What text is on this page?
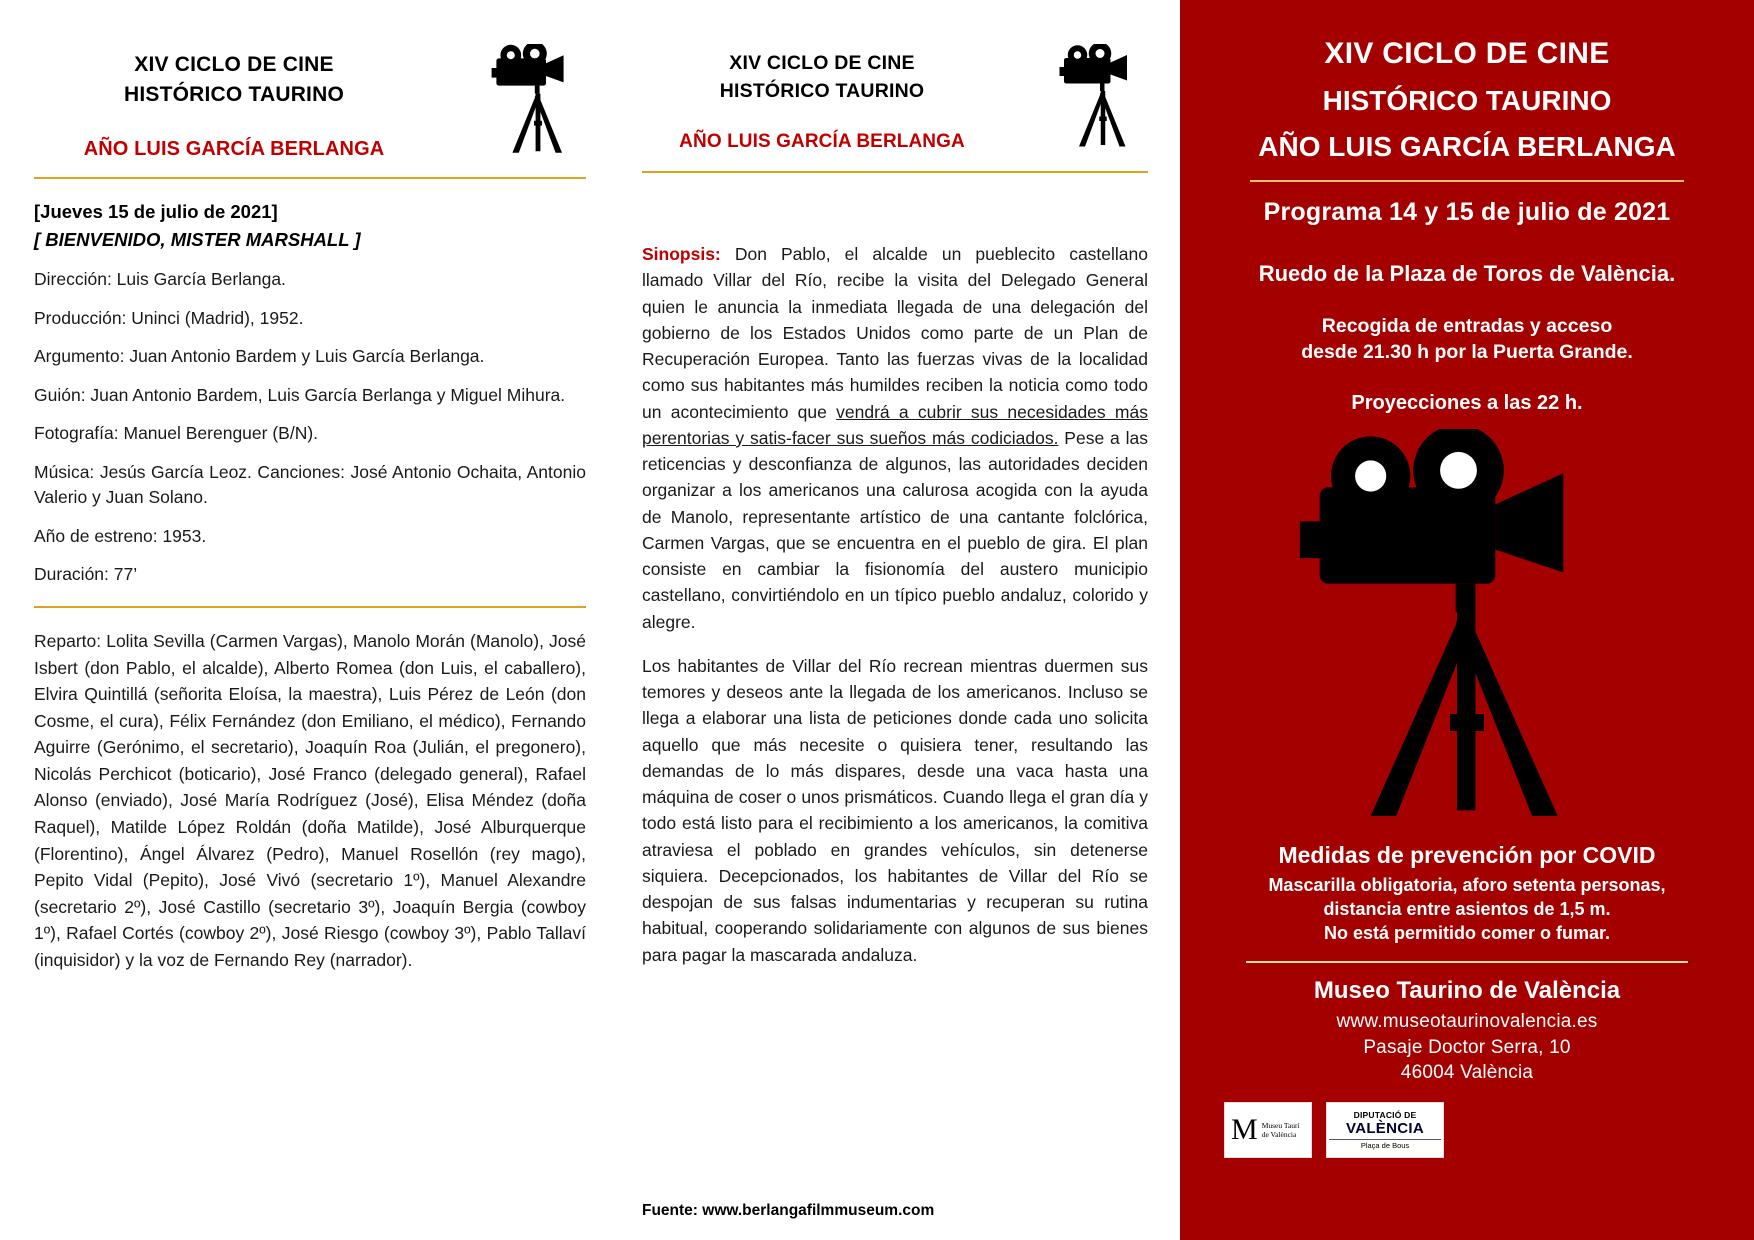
XIV CICLO DE CINE
HISTÓRICO TAURINO
AÑO LUIS GARCÍA BERLANGA
[Jueves 15 de julio de 2021]
[ BIENVENIDO, MISTER MARSHALL ]
Dirección: Luis García Berlanga.
Producción: Uninci (Madrid), 1952.
Argumento: Juan Antonio Bardem y Luis García Berlanga.
Guión: Juan Antonio Bardem, Luis García Berlanga y Miguel Mihura.
Fotografía: Manuel Berenguer (B/N).
Música: Jesús García Leoz. Canciones: José Antonio Ochaita, Antonio Valerio y Juan Solano.
Año de estreno: 1953.
Duración: 77’
Reparto: Lolita Sevilla (Carmen Vargas), Manolo Morán (Manolo), José Isbert (don Pablo, el alcalde), Alberto Romea (don Luis, el caballero), Elvira Quintillá (señorita Eloísa, la maestra), Luis Pérez de León (don Cosme, el cura), Félix Fernández (don Emiliano, el médico), Fernando Aguirre (Gerónimo, el secretario), Joaquín Roa (Julián, el pregonero), Nicolás Perchicot (boticario), José Franco (delegado general), Rafael Alonso (enviado), José María Rodríguez (José), Elisa Méndez (doña Raquel), Matilde López Roldán (doña Matilde), José Alburquerque (Florentino), Ángel Álvarez (Pedro), Manuel Rosellón (rey mago), Pepito Vidal (Pepito), José Vivó (secretario 1º), Manuel Alexandre (secretario 2º), José Castillo (secretario 3º), Joaquín Bergia (cowboy 1º), Rafael Cortés (cowboy 2º), José Riesgo (cowboy 3º), Pablo Tallaví (inquisidor) y la voz de Fernando Rey (narrador).
XIV CICLO DE CINE
HISTÓRICO TAURINO
AÑO LUIS GARCÍA BERLANGA

Sinopsis: Don Pablo, el alcalde un pueblecito castellano llamado Villar del Río, recibe la visita del Delegado General quien le anuncia la inmediata llegada de una delegación del gobierno de los Estados Unidos como parte de un Plan de Recuperación Europea. Tanto las fuerzas vivas de la localidad como sus habitantes más humildes reciben la noticia como todo un acontecimiento que vendrá a cubrir sus necesidades más perentorias y satis-facer sus sueños más codiciados. Pese a las reticencias y desconfianza de algunos, las autoridades deciden organizar a los americanos una calurosa acogida con la ayuda de Manolo, representante artístico de una cantante folclórica, Carmen Vargas, que se encuentra en el pueblo de gira. El plan consiste en cambiar la fisionomía del austero municipio castellano, convirtiéndolo en un típico pueblo andaluz, colorido y alegre.

Los habitantes de Villar del Río recrean mientras duermen sus temores y deseos ante la llegada de los americanos. Incluso se llega a elaborar una lista de peticiones donde cada uno solicita aquello que más necesite o quisiera tener, resultando las demandas de lo más dispares, desde una vaca hasta una máquina de coser o unos prismáticos. Cuando llega el gran día y todo está listo para el recibimiento a los americanos, la comitiva atraviesa el poblado en grandes vehículos, sin detenerse siquiera. Decepcionados, los habitantes de Villar del Río se despojan de sus falsas indumentarias y recuperan su rutina habitual, cooperando solidariamente con algunos de sus bienes para pagar la mascarada andaluza.

Fuente: www.berlangafilmmuseum.com
XIV CICLO DE CINE
HISTÓRICO TAURINO
AÑO LUIS GARCÍA BERLANGA
Programa 14 y 15 de julio de 2021
Ruedo de la Plaza de Toros de València.
Recogida de entradas y acceso
desde 21.30 h por la Puerta Grande.
Proyecciones a las 22 h.
Medidas de prevención por COVID
Mascarilla obligatoria, aforo setenta personas,
distancia entre asientos de 1,5 m.
No está permitido comer o fumar.
Museo Taurino de València
www.museotaurinovalencia.es
Pasaje Doctor Serra, 10
46004 València
M Museu Taurí
de València
DIPUTACIÓ DE
VALÈNCIA
Plaça de Bous
